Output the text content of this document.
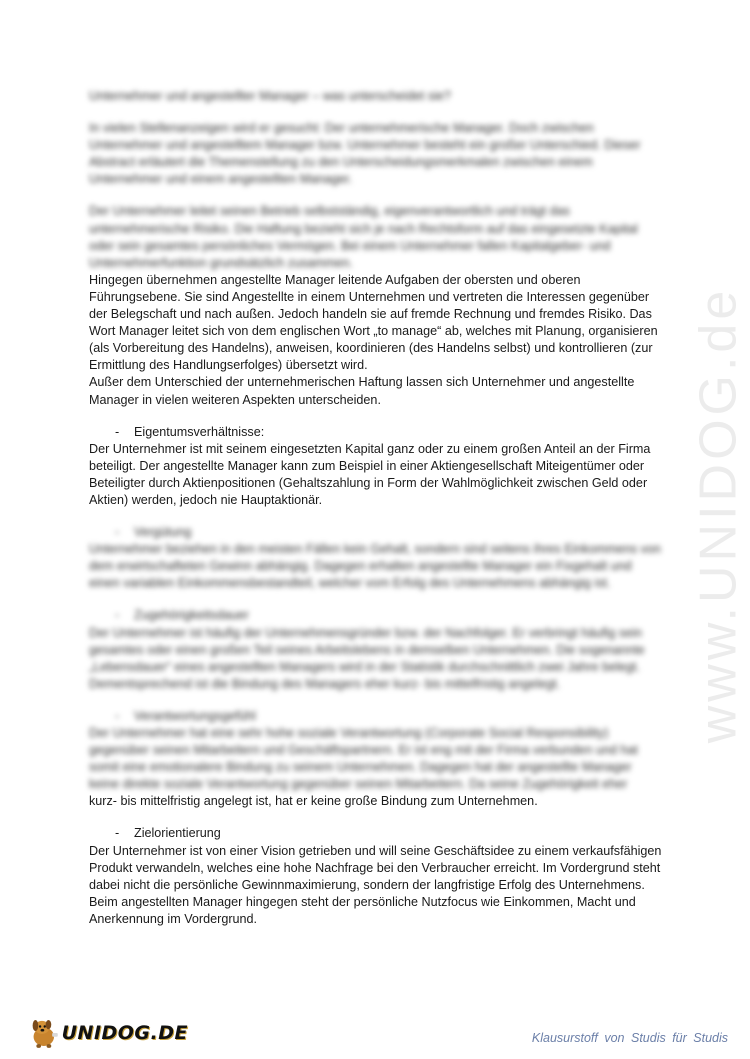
Unternehmer und angestellter Manager – was unterscheidet sie?

In vielen Stellenanzeigen wird er gesucht: Der unternehmerische Manager. Doch zwischen Unternehmer und angestelltem Manager bzw. Unternehmer besteht ein großer Unterschied. Dieser Abstract erläutert die Themenstellung zu den Unterscheidungsmerkmalen zwischen einem Unternehmer und einem angestellten Manager.

Der Unternehmer leitet seinen Betrieb selbstständig, eigenverantwortlich und trägt das unternehmerische Risiko. Die Haftung bezieht sich je nach Rechtsform auf das eingesetzte Kapital oder sein gesamtes persönliches Vermögen. Bei einem Unternehmer fallen Kapitalgeber- und Unternehmerfunktion grundsätzlich zusammen.

Hingegen übernehmen angestellte Manager leitende Aufgaben der obersten und oberen Führungsebene. Sie sind Angestellte in einem Unternehmen und vertreten die Interessen gegenüber der Belegschaft und nach außen. Jedoch handeln sie auf fremde Rechnung und fremdes Risiko. Das Wort Manager leitet sich von dem englischen Wort „to manage“ ab, welches mit Planung, organisieren (als Vorbereitung des Handelns), anweisen, koordinieren (des Handelns selbst) und kontrollieren (zur Ermittlung des Handlungserfolges) übersetzt wird.

Außer dem Unterschied der unternehmerischen Haftung lassen sich Unternehmer und angestellte Manager in vielen weiteren Aspekten unterscheiden.

-	Eigentumsverhältnisse:

Der Unternehmer ist mit seinem eingesetzten Kapital ganz oder zu einem großen Anteil an der Firma beteiligt. Der angestellte Manager kann zum Beispiel in einer Aktiengesellschaft Miteigentümer oder Beteiligter durch Aktienpositionen (Gehaltszahlung in Form der Wahlmöglichkeit zwischen Geld oder Aktien) werden, jedoch nie Hauptaktionär.

-	Vergütung

Unternehmer beziehen in den meisten Fällen kein Gehalt, sondern sind seitens ihres Einkommens von dem erwirtschafteten Gewinn abhängig. Dagegen erhalten angestellte Manager ein Fixgehalt und einen variablen Einkommensbestandteil, welcher vom Erfolg des Unternehmens abhängig ist.

-	Zugehörigkeitsdauer

Der Unternehmer ist häufig der Unternehmensgründer bzw. der Nachfolger. Er verbringt häufig sein gesamtes oder einen großen Teil seines Arbeitslebens in demselben Unternehmen. Die sogenannte „Lebensdauer“ eines angestellten Managers wird in der Statistik durchschnittlich zwei Jahre belegt. Dementsprechend ist die Bindung des Managers eher kurz- bis mittelfristig angelegt.

-	Verantwortungsgefühl

Der Unternehmer hat eine sehr hohe soziale Verantwortung (Corporate Social Responsibility) gegenüber seinen Mitarbeitern und Geschäftspartnern. Er ist eng mit der Firma verbunden und hat somit eine emotionalere Bindung zu seinem Unternehmen. Dagegen hat der angestellte Manager keine direkte soziale Verantwortung gegenüber seinen Mitarbeitern. Da seine Zugehörigkeit eher

kurz- bis mittelfristig angelegt ist, hat er keine große Bindung zum Unternehmen.

-	Zielorientierung

Der Unternehmer ist von einer Vision getrieben und will seine Geschäftsidee zu einem verkaufsfähigen Produkt verwandeln, welches eine hohe Nachfrage bei den Verbraucher erreicht. Im Vordergrund steht dabei nicht die persönliche Gewinnmaximierung, sondern der langfristige Erfolg des Unternehmens. Beim angestellten Manager hingegen steht der persönliche Nutzfocus wie Einkommen, Macht und Anerkennung im Vordergrund.

www.UNIDOG.de
UNIDOG.DE	Klausurstoff von Studis für Studis
